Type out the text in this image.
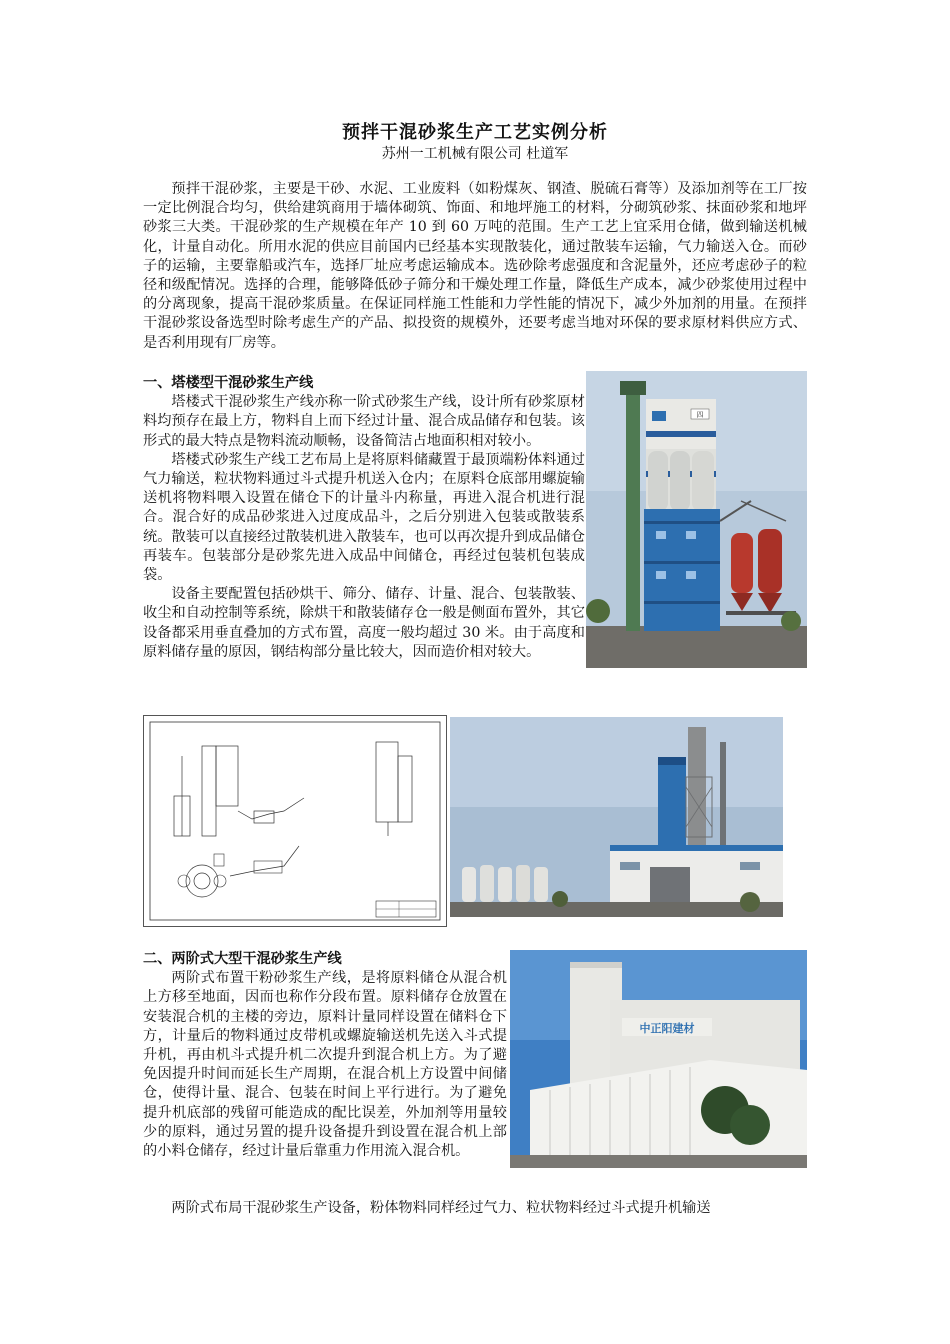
预拌干混砂浆生产工艺实例分析
苏州一工机械有限公司 杜道军

预拌干混砂浆，主要是干砂、水泥、工业废料（如粉煤灰、钢渣、脱硫石膏等）及添加剂等在工厂按一定比例混合均匀，供给建筑商用于墙体砌筑、饰面、和地坪施工的材料，分砌筑砂浆、抹面砂浆和地坪砂浆三大类。干混砂浆的生产规模在年产 10 到 60 万吨的范围。生产工艺上宜采用仓储，做到输送机械化，计量自动化。所用水泥的供应目前国内已经基本实现散装化，通过散装车运输，气力输送入仓。而砂子的运输，主要靠船或汽车，选择厂址应考虑运输成本。选砂除考虑强度和含泥量外，还应考虑砂子的粒径和级配情况。选择的合理，能够降低砂子筛分和干燥处理工作量，降低生产成本，减少砂浆使用过程中的分离现象，提高干混砂浆质量。在保证同样施工性能和力学性能的情况下，减少外加剂的用量。在预拌干混砂浆设备选型时除考虑生产的产品、拟投资的规模外，还要考虑当地对环保的要求原材料供应方式、是否利用现有厂房等。

一、塔楼型干混砂浆生产线

塔楼式干混砂浆生产线亦称一阶式砂浆生产线，设计所有砂浆原材料均预存在最上方，物料自上而下经过计量、混合成品储存和包装。该形式的最大特点是物料流动顺畅，设备简洁占地面积相对较小。

塔楼式砂浆生产线工艺布局上是将原料储藏置于最顶端粉体料通过气力输送，粒状物料通过斗式提升机送入仓内；在原料仓底部用螺旋输送机将物料喂入设置在储仓下的计量斗内称量，再进入混合机进行混合。混合好的成品砂浆进入过度成品斗，之后分别进入包装或散装系统。散装可以直接经过散装机进入散装车，也可以再次提升到成品储仓再装车。包装部分是砂浆先进入成品中间储仓，再经过包装机包装成袋。

设备主要配置包括砂烘干、筛分、储存、计量、混合、包装散装、收尘和自动控制等系统，除烘干和散装储存仓一般是侧面布置外，其它设备都采用垂直叠加的方式布置，高度一般均超过 30 米。由于高度和原料储存量的原因，钢结构部分量比较大，因而造价相对较大。

四

二、两阶式大型干混砂浆生产线

两阶式布置干粉砂浆生产线，是将原料储仓从混合机上方移至地面，因而也称作分段布置。原料储存仓放置在安装混合机的主楼的旁边，原料计量同样设置在储料仓下方，计量后的物料通过皮带机或螺旋输送机先送入斗式提升机，再由机斗式提升机二次提升到混合机上方。为了避免因提升时间而延长生产周期，在混合机上方设置中间储仓，使得计量、混合、包装在时间上平行进行。为了避免提升机底部的残留可能造成的配比误差，外加剂等用量较少的原料，通过另置的提升设备提升到设置在混合机上部的小料仓储存，经过计量后靠重力作用流入混合机。

两阶式布局干混砂浆生产设备，粉体物料同样经过气力、粒状物料经过斗式提升机输送

中正阳建材
